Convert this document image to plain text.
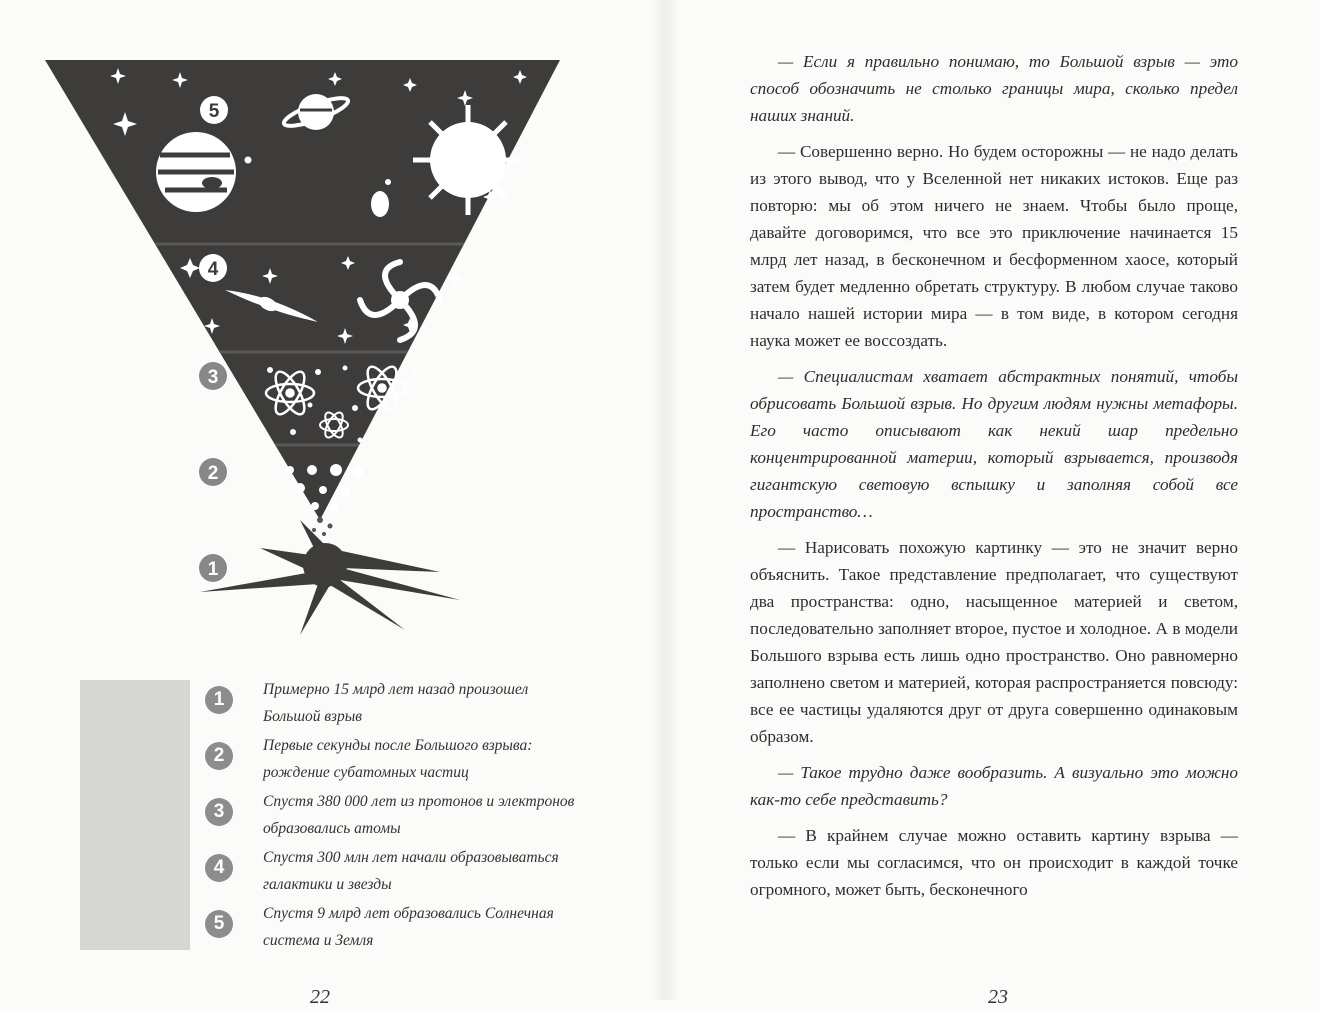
5
4
3
2
1
1	Примерно 15 млрд лет назад произошел Большой взрыв
2	Первые секунды после Большого взрыва: рождение субатомных частиц
3	Спустя 380 000 лет из протонов и электронов образовались атомы
4	Спустя 300 млн лет начали образовываться галактики и звезды
5	Спустя 9 млрд лет образовались Солнечная система и Земля
22

— Если я правильно понимаю, то Большой взрыв — это способ обозначить не столько границы мира, сколько предел наших знаний.

— Совершенно верно. Но будем осторожны — не надо делать из этого вывод, что у Вселенной нет никаких истоков. Еще раз повторю: мы об этом ничего не знаем. Чтобы было проще, давайте договоримся, что все это приключение начинается 15 млрд лет назад, в бесконечном и бесформенном хаосе, который затем будет медленно обретать структуру. В любом случае таково начало нашей истории мира — в том виде, в котором сегодня наука может ее воссоздать.

— Специалистам хватает абстрактных понятий, чтобы обрисовать Большой взрыв. Но другим людям нужны метафоры. Его часто описывают как некий шар предельно концентрированной материи, который взрывается, производя гигантскую световую вспышку и заполняя собой все пространство…

— Нарисовать похожую картинку — это не значит верно объяснить. Такое представление предполагает, что существуют два пространства: одно, насыщенное материей и светом, последовательно заполняет второе, пустое и холодное. А в модели Большого взрыва есть лишь одно пространство. Оно равномерно заполнено светом и материей, которая распространяется повсюду: все ее частицы удаляются друг от друга совершенно одинаковым образом.

— Такое трудно даже вообразить. А визуально это можно как-то себе представить?

— В крайнем случае можно оставить картину взрыва — только если мы согласимся, что он происходит в каждой точке огромного, может быть, бесконечного

23
